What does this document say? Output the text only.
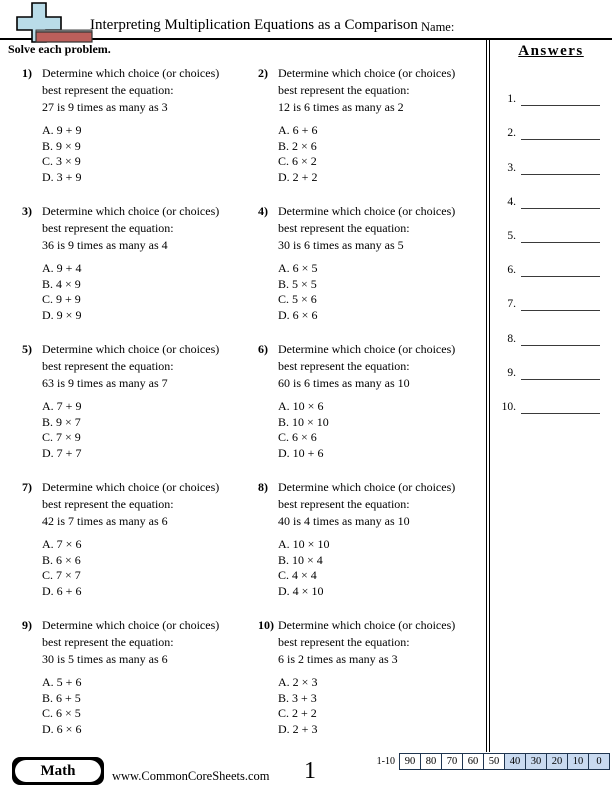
Interpreting Multiplication Equations as a Comparison Name:
Solve each problem.
1) Determine which choice (or choices)
best represent the equation:
27 is 9 times as many as 3
A. 9 + 9
B. 9 × 9
C. 3 × 9
D. 3 + 9
2) Determine which choice (or choices)
best represent the equation:
12 is 6 times as many as 2
A. 6 + 6
B. 2 × 6
C. 6 × 2
D. 2 + 2
3) Determine which choice (or choices)
best represent the equation:
36 is 9 times as many as 4
A. 9 + 4
B. 4 × 9
C. 9 + 9
D. 9 × 9
4) Determine which choice (or choices)
best represent the equation:
30 is 6 times as many as 5
A. 6 × 5
B. 5 × 5
C. 5 × 6
D. 6 × 6
5) Determine which choice (or choices)
best represent the equation:
63 is 9 times as many as 7
A. 7 + 9
B. 9 × 7
C. 7 × 9
D. 7 + 7
6) Determine which choice (or choices)
best represent the equation:
60 is 6 times as many as 10
A. 10 × 6
B. 10 × 10
C. 6 × 6
D. 10 + 6
7) Determine which choice (or choices)
best represent the equation:
42 is 7 times as many as 6
A. 7 × 6
B. 6 × 6
C. 7 × 7
D. 6 + 6
8) Determine which choice (or choices)
best represent the equation:
40 is 4 times as many as 10
A. 10 × 10
B. 10 × 4
C. 4 × 4
D. 4 × 10
9) Determine which choice (or choices)
best represent the equation:
30 is 5 times as many as 6
A. 5 + 6
B. 6 + 5
C. 6 × 5
D. 6 × 6
10) Determine which choice (or choices)
best represent the equation:
6 is 2 times as many as 3
A. 2 × 3
B. 3 + 3
C. 2 + 2
D. 2 + 3
Answers
1.
2.
3.
4.
5.
6.
7.
8.
9.
10.
Math	www.CommonCoreSheets.com	1	1-10 90	80	70	60	50	40	30	20	10	0
